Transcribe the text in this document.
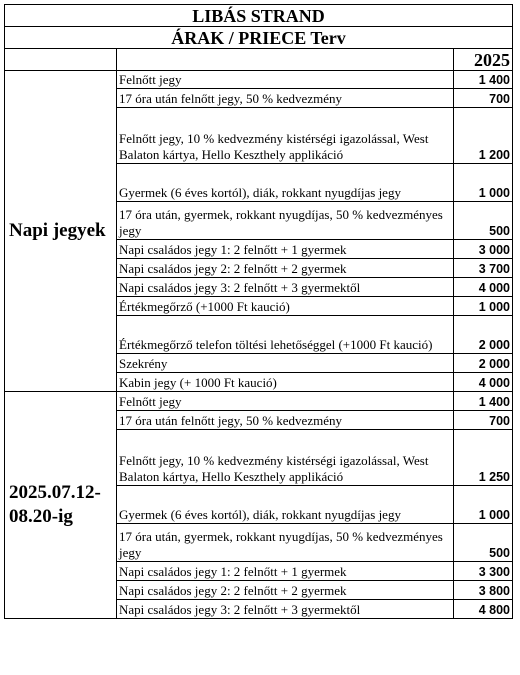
LIBÁS STRAND		
ÁRAK / PRIECE Terv		
		2025
Napi jegyek	Felnőtt jegy	1 400
	17 óra után felnőtt jegy, 50 % kedvezmény	700
	Felnőtt jegy, 10 % kedvezmény kistérségi igazolással, West Balaton kártya, Hello Keszthely applikáció	1 200
	Gyermek (6 éves kortól), diák, rokkant nyugdíjas jegy	1 000
	17 óra után, gyermek, rokkant nyugdíjas, 50 % kedvezményes jegy	500
	Napi családos jegy 1: 2 felnőtt + 1 gyermek	3 000
	Napi családos jegy 2: 2 felnőtt + 2 gyermek	3 700
	Napi családos jegy 3: 2 felnőtt + 3 gyermektől	4 000
	Értékmegőrző (+1000 Ft kaució)	1 000
	Értékmegőrző telefon töltési lehetőséggel (+1000 Ft kaució)	2 000
	Szekrény	2 000
	Kabin jegy (+ 1000 Ft kaució)	4 000
2025.07.12-08.20-ig	Felnőtt jegy	1 400
	17 óra után felnőtt jegy, 50 % kedvezmény	700
	Felnőtt jegy, 10 % kedvezmény kistérségi igazolással, West Balaton kártya, Hello Keszthely applikáció	1 250
	Gyermek (6 éves kortól), diák, rokkant nyugdíjas jegy	1 000
	17 óra után, gyermek, rokkant nyugdíjas, 50 % kedvezményes jegy	500
	Napi családos jegy 1: 2 felnőtt + 1 gyermek	3 300
	Napi családos jegy 2: 2 felnőtt + 2 gyermek	3 800
	Napi családos jegy 3: 2 felnőtt + 3 gyermektől	4 800
